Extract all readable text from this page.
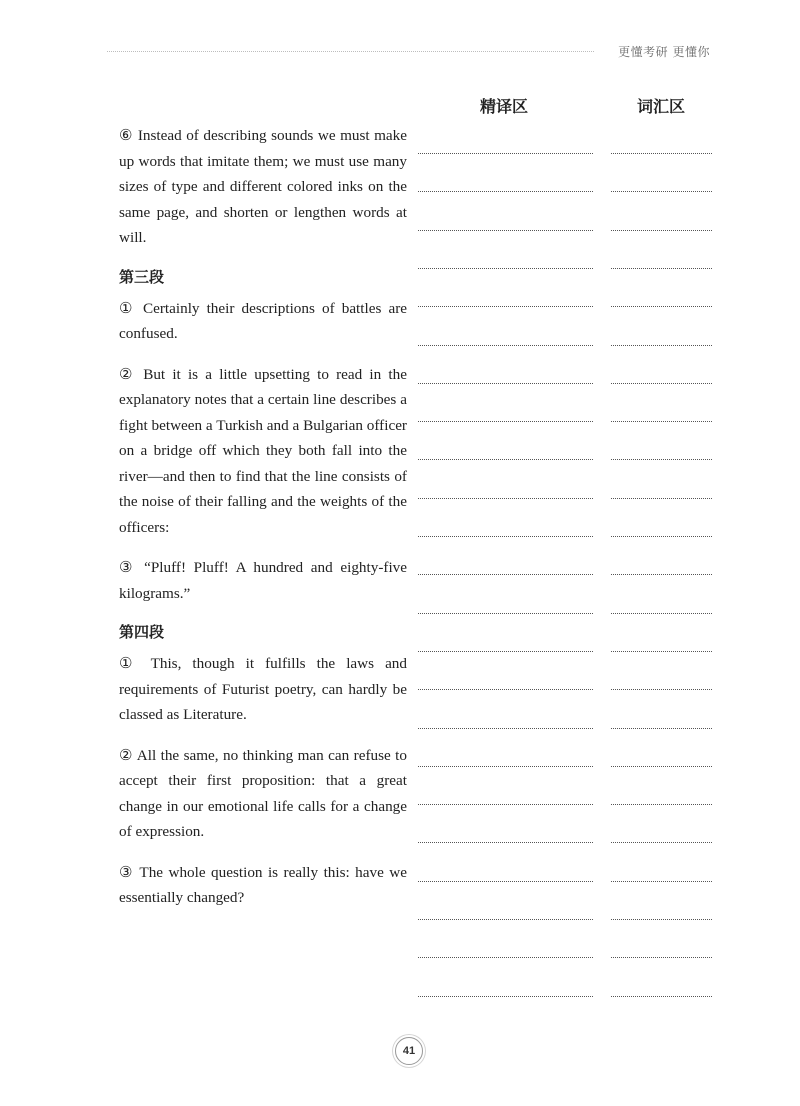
更懂考研 更懂你
精译区	词汇区

⑥ Instead of describing sounds we must make up words that imitate them; we must use many sizes of type and different colored inks on the same page, and shorten or lengthen words at will.

第三段

① Certainly their descriptions of battles are confused.

② But it is a little upsetting to read in the explanatory notes that a certain line describes a fight between a Turkish and a Bulgarian officer on a bridge off which they both fall into the river—and then to find that the line consists of the noise of their falling and the weights of the officers:

③ “Pluff! Pluff! A hundred and eighty-five kilograms.”

第四段

① This, though it fulfills the laws and requirements of Futurist poetry, can hardly be classed as Literature.

② All the same, no thinking man can refuse to accept their first proposition: that a great change in our emotional life calls for a change of expression.

③ The whole question is really this: have we essentially changed?

41
